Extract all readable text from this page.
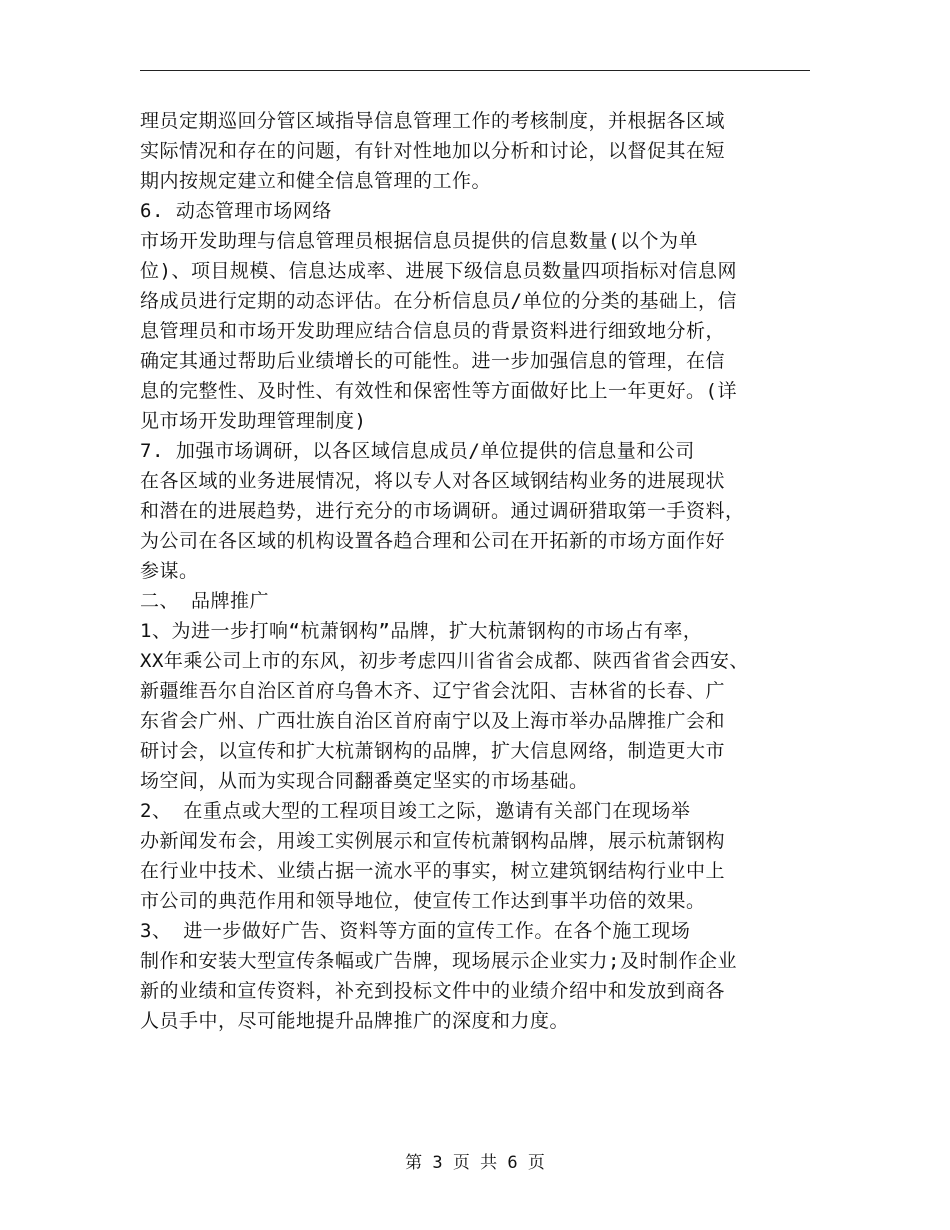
理员定期巡回分管区域指导信息管理工作的考核制度，并根据各区域
实际情况和存在的问题，有针对性地加以分析和讨论，以督促其在短
期内按规定建立和健全信息管理的工作。
6. 动态管理市场网络
市场开发助理与信息管理员根据信息员提供的信息数量(以个为单
位)、项目规模、信息达成率、进展下级信息员数量四项指标对信息网
络成员进行定期的动态评估。在分析信息员/单位的分类的基础上，信
息管理员和市场开发助理应结合信息员的背景资料进行细致地分析，
确定其通过帮助后业绩增长的可能性。进一步加强信息的管理，在信
息的完整性、及时性、有效性和保密性等方面做好比上一年更好。(详
见市场开发助理管理制度)
7. 加强市场调研，以各区域信息成员/单位提供的信息量和公司
在各区域的业务进展情况，将以专人对各区域钢结构业务的进展现状
和潜在的进展趋势，进行充分的市场调研。通过调研猎取第一手资料，
为公司在各区域的机构设置各趋合理和公司在开拓新的市场方面作好
参谋。
二、 品牌推广
1、为进一步打响“杭萧钢构”品牌，扩大杭萧钢构的市场占有率，
XX年乘公司上市的东风，初步考虑四川省省会成都、陕西省省会西安、
新疆维吾尔自治区首府乌鲁木齐、辽宁省会沈阳、吉林省的长春、广
东省会广州、广西壮族自治区首府南宁以及上海市举办品牌推广会和
研讨会，以宣传和扩大杭萧钢构的品牌，扩大信息网络，制造更大市
场空间，从而为实现合同翻番奠定坚实的市场基础。
2、 在重点或大型的工程项目竣工之际，邀请有关部门在现场举
办新闻发布会，用竣工实例展示和宣传杭萧钢构品牌，展示杭萧钢构
在行业中技术、业绩占据一流水平的事实，树立建筑钢结构行业中上
市公司的典范作用和领导地位，使宣传工作达到事半功倍的效果。
3、 进一步做好广告、资料等方面的宣传工作。在各个施工现场
制作和安装大型宣传条幅或广告牌，现场展示企业实力;及时制作企业
新的业绩和宣传资料，补充到投标文件中的业绩介绍中和发放到商各
人员手中，尽可能地提升品牌推广的深度和力度。
第 3 页 共 6 页
